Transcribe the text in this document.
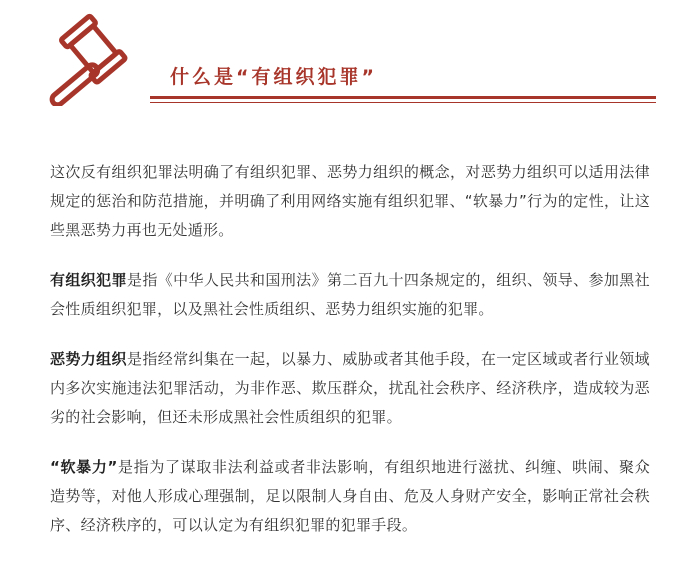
什么是“有组织犯罪”

这次反有组织犯罪法明确了有组织犯罪、恶势力组织的概念，对恶势力组织可以适用法律规定的惩治和防范措施，并明确了利用网络实施有组织犯罪、“软暴力”行为的定性，让这些黑恶势力再也无处遁形。

有组织犯罪是指《中华人民共和国刑法》第二百九十四条规定的，组织、领导、参加黑社会性质组织犯罪，以及黑社会性质组织、恶势力组织实施的犯罪。

恶势力组织是指经常纠集在一起，以暴力、威胁或者其他手段，在一定区域或者行业领域内多次实施违法犯罪活动，为非作恶、欺压群众，扰乱社会秩序、经济秩序，造成较为恶劣的社会影响，但还未形成黑社会性质组织的犯罪。

“软暴力”是指为了谋取非法利益或者非法影响，有组织地进行滋扰、纠缠、哄闹、聚众造势等，对他人形成心理强制，足以限制人身自由、危及人身财产安全，影响正常社会秩序、经济秩序的，可以认定为有组织犯罪的犯罪手段。
